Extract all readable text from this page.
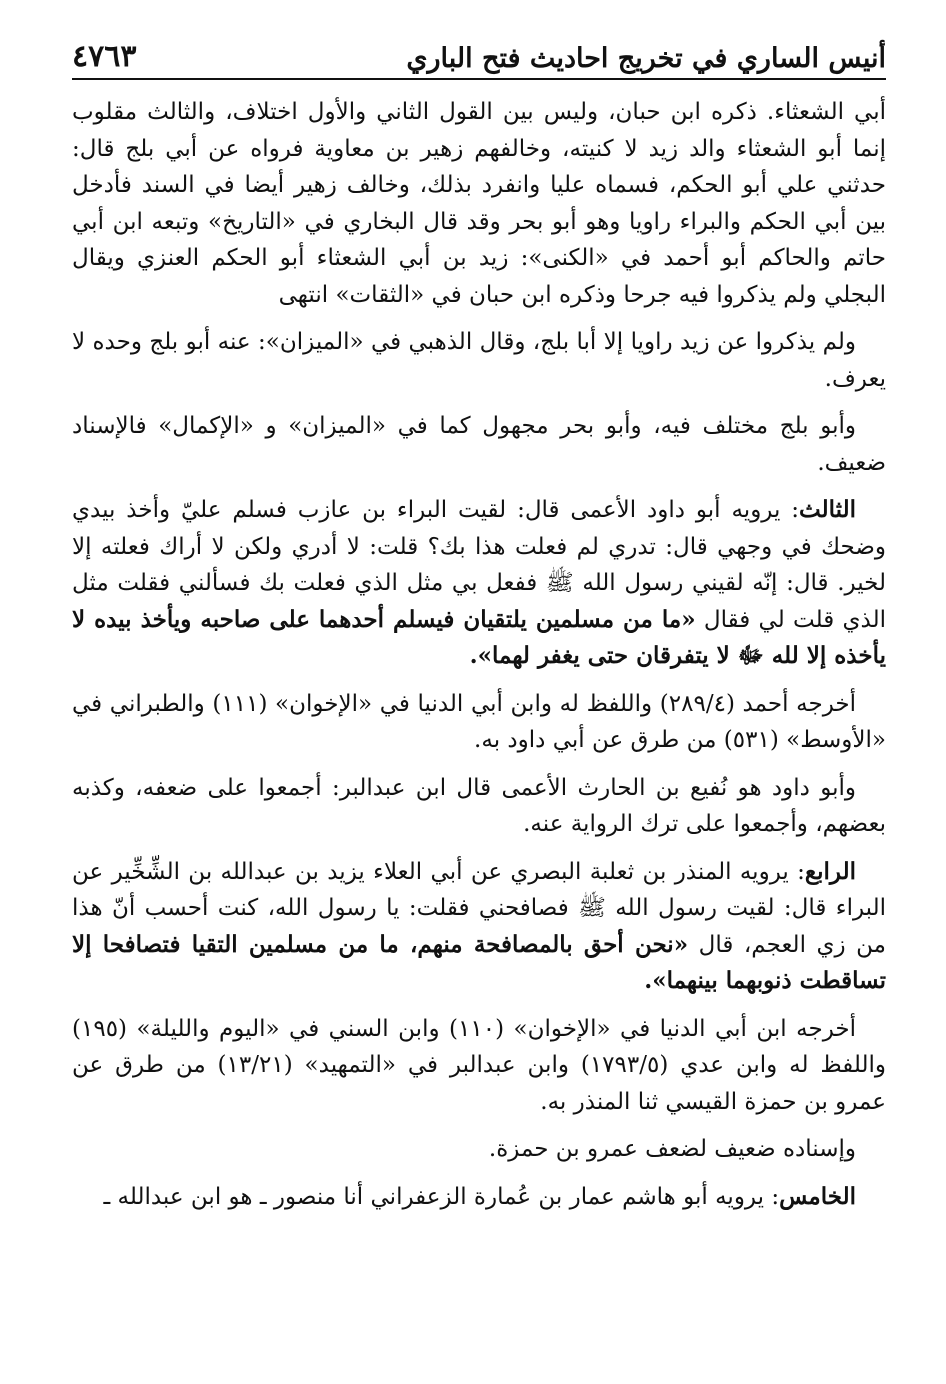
أنيس الساري في تخريج احاديث فتح الباري
٤٧٦٣

أبي الشعثاء. ذكره ابن حبان، وليس بين القول الثاني والأول اختلاف، والثالث مقلوب إنما أبو الشعثاء والد زيد لا كنيته، وخالفهم زهير بن معاوية فرواه عن أبي بلج قال: حدثني علي أبو الحكم، فسماه عليا وانفرد بذلك، وخالف زهير أيضا في السند فأدخل بين أبي الحكم والبراء راويا وهو أبو بحر وقد قال البخاري في «التاريخ» وتبعه ابن أبي حاتم والحاكم أبو أحمد في «الكنى»: زيد بن أبي الشعثاء أبو الحكم العنزي ويقال البجلي ولم يذكروا فيه جرحا وذكره ابن حبان في «الثقات» انتهى

ولم يذكروا عن زيد راويا إلا أبا بلج، وقال الذهبي في «الميزان»: عنه أبو بلج وحده لا يعرف.

وأبو بلج مختلف فيه، وأبو بحر مجهول كما في «الميزان» و «الإكمال» فالإسناد ضعيف.

الثالث: يرويه أبو داود الأعمى قال: لقيت البراء بن عازب فسلم عليّ وأخذ بيدي وضحك في وجهي قال: تدري لم فعلت هذا بك؟ قلت: لا أدري ولكن لا أراك فعلته إلا لخير. قال: إنّه لقيني رسول الله ﷺ ففعل بي مثل الذي فعلت بك فسألني فقلت مثل الذي قلت لي فقال «ما من مسلمين يلتقيان فيسلم أحدهما على صاحبه ويأخذ بيده لا يأخذه إلا لله ﷻ لا يتفرقان حتى يغفر لهما».

أخرجه أحمد (٢٨٩/٤) واللفظ له وابن أبي الدنيا في «الإخوان» (١١١) والطبراني في «الأوسط» (٥٣١) من طرق عن أبي داود به.

وأبو داود هو نُفيع بن الحارث الأعمى قال ابن عبدالبر: أجمعوا على ضعفه، وكذبه بعضهم، وأجمعوا على ترك الرواية عنه.

الرابع: يرويه المنذر بن ثعلبة البصري عن أبي العلاء يزيد بن عبدالله بن الشِّخِّير عن البراء قال: لقيت رسول الله ﷺ فصافحني فقلت: يا رسول الله، كنت أحسب أنّ هذا من زي العجم، قال «نحن أحق بالمصافحة منهم، ما من مسلمين التقيا فتصافحا إلا تساقطت ذنوبهما بينهما».

أخرجه ابن أبي الدنيا في «الإخوان» (١١٠) وابن السني في «اليوم والليلة» (١٩٥) واللفظ له وابن عدي (١٧٩٣/٥) وابن عبدالبر في «التمهيد» (١٣/٢١) من طرق عن عمرو بن حمزة القيسي ثنا المنذر به.

وإسناده ضعيف لضعف عمرو بن حمزة.

الخامس: يرويه أبو هاشم عمار بن عُمارة الزعفراني أنا منصور ـ هو ابن عبدالله ـ
